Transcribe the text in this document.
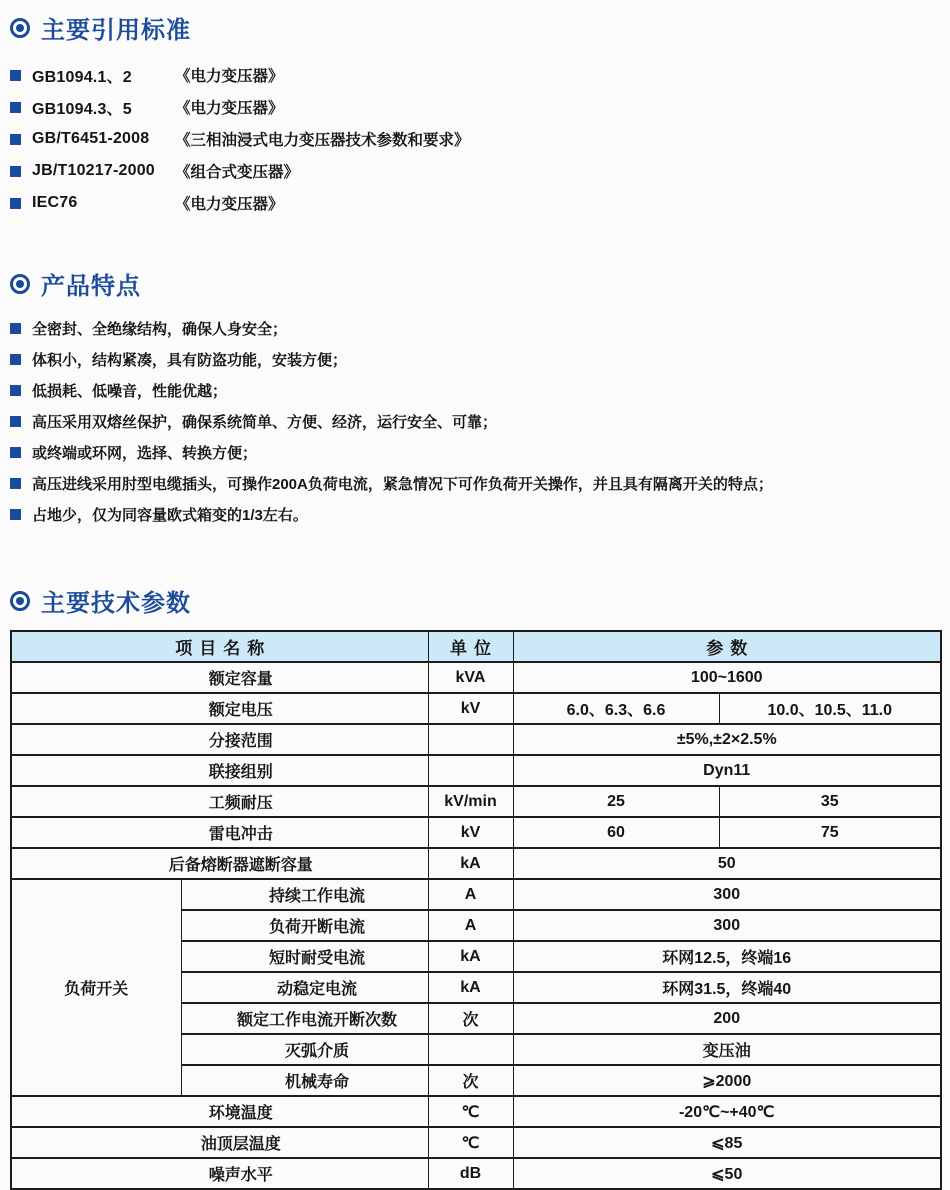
主要引用标准
GB1094.1、2	《电力变压器》
GB1094.3、5	《电力变压器》
GB/T6451-2008	《三相油浸式电力变压器技术参数和要求》
JB/T10217-2000	《组合式变压器》
IEC76	《电力变压器》
产品特点
全密封、全绝缘结构，确保人身安全；
体积小，结构紧凑，具有防盗功能，安装方便；
低损耗、低噪音，性能优越；
高压采用双熔丝保护，确保系统简单、方便、经济，运行安全、可靠；
或终端或环网，选择、转换方便；
高压进线采用肘型电缆插头，可操作200A负荷电流，紧急情况下可作负荷开关操作，并且具有隔离开关的特点；
占地少，仅为同容量欧式箱变的1/3左右。
主要技术参数
项目名称		单位	参数	
额定容量		kVA	100~1600	
额定电压		kV	6.0、6.3、6.6	10.0、10.5、11.0
分接范围			±5%,±2×2.5%	
联接组别			Dyn11	
工频耐压		kV/min	25	35
雷电冲击		kV	60	75
后备熔断器遮断容量		kA	50	
负荷开关	持续工作电流	A	300	
	负荷开断电流	A	300	
	短时耐受电流	kA	环网12.5，终端16	
	动稳定电流	kA	环网31.5，终端40	
	额定工作电流开断次数	次	200	
	灭弧介质		变压油	
	机械寿命	次	⩾2000	
环境温度		℃	-20℃~+40℃	
油顶层温度		℃	⩽85	
噪声水平		dB	⩽50	
